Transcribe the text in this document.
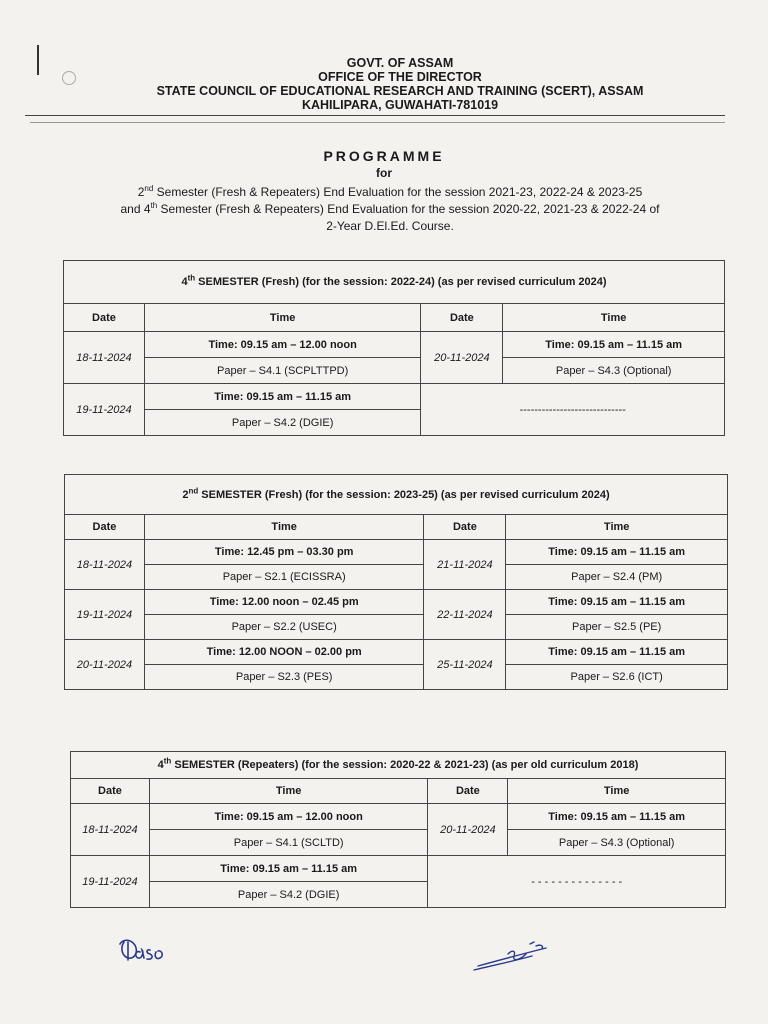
GOVT. OF ASSAM
OFFICE OF THE DIRECTOR
STATE COUNCIL OF EDUCATIONAL RESEARCH AND TRAINING (SCERT), ASSAM
KAHILIPARA, GUWAHATI-781019
PROGRAMME
for
2nd Semester (Fresh & Repeaters) End Evaluation for the session 2021-23, 2022-24 & 2023-25
and 4th Semester (Fresh & Repeaters) End Evaluation for the session 2020-22, 2021-23 & 2022-24 of
2-Year D.El.Ed. Course.
4th SEMESTER (Fresh) (for the session: 2022-24) (as per revised curriculum 2024)			
Date	Time	Date	Time
18-11-2024	Time: 09.15 am – 12.00 noon	20-11-2024	Time: 09.15 am – 11.15 am
	Paper – S4.1 (SCPLTTPD)		Paper – S4.3 (Optional)
19-11-2024	Time: 09.15 am – 11.15 am	-----------------------------	
	Paper – S4.2 (DGIE)		
2nd SEMESTER (Fresh) (for the session: 2023-25) (as per revised curriculum 2024)			
Date	Time	Date	Time
18-11-2024	Time: 12.45 pm – 03.30 pm	21-11-2024	Time: 09.15 am – 11.15 am
	Paper – S2.1 (ECISSRA)		Paper – S2.4 (PM)
19-11-2024	Time: 12.00 noon – 02.45 pm	22-11-2024	Time: 09.15 am – 11.15 am
	Paper – S2.2 (USEC)		Paper – S2.5 (PE)
20-11-2024	Time: 12.00 NOON – 02.00 pm	25-11-2024	Time: 09.15 am – 11.15 am
	Paper – S2.3 (PES)		Paper – S2.6 (ICT)
4th SEMESTER (Repeaters) (for the session: 2020-22 & 2021-23) (as per old curriculum 2018)			
Date	Time	Date	Time
18-11-2024	Time: 09.15 am – 12.00 noon	20-11-2024	Time: 09.15 am – 11.15 am
	Paper – S4.1 (SCLTD)		Paper – S4.3 (Optional)
19-11-2024	Time: 09.15 am – 11.15 am	- - - - - - - - - - - - - -	
	Paper – S4.2 (DGIE)		
